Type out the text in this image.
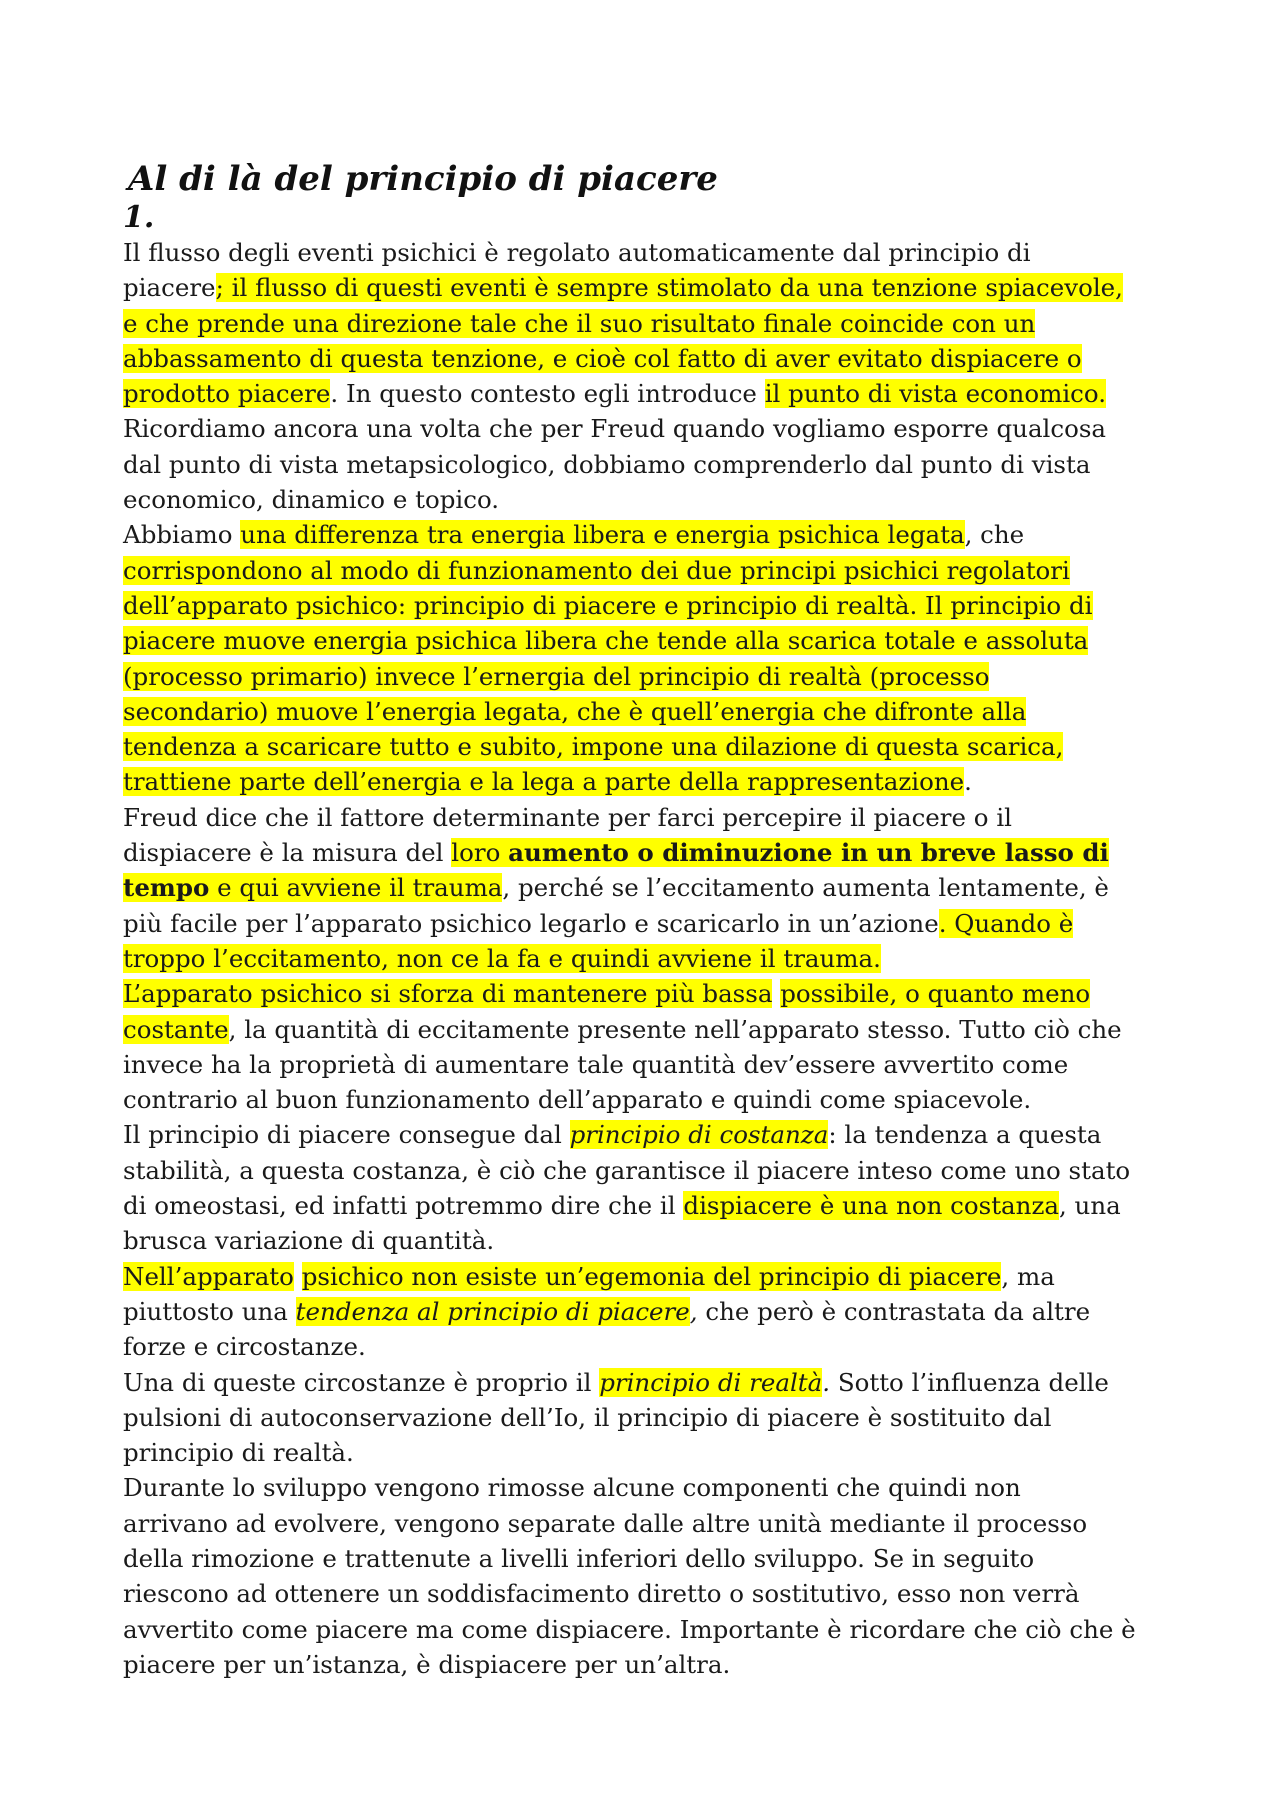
Al di là del principio di piacere
1.
Il flusso degli eventi psichici è regolato automaticamente dal principio di
piacere; il flusso di questi eventi è sempre stimolato da una tenzione spiacevole,
e che prende una direzione tale che il suo risultato finale coincide con un
abbassamento di questa tenzione, e cioè col fatto di aver evitato dispiacere o
prodotto piacere. In questo contesto egli introduce il punto di vista economico.
Ricordiamo ancora una volta che per Freud quando vogliamo esporre qualcosa
dal punto di vista metapsicologico, dobbiamo comprenderlo dal punto di vista
economico, dinamico e topico.
Abbiamo una differenza tra energia libera e energia psichica legata, che
corrispondono al modo di funzionamento dei due principi psichici regolatori
dell’apparato psichico: principio di piacere e principio di realtà. Il principio di
piacere muove energia psichica libera che tende alla scarica totale e assoluta
(processo primario) invece l’ernergia del principio di realtà (processo
secondario) muove l’energia legata, che è quell’energia che difronte alla
tendenza a scaricare tutto e subito, impone una dilazione di questa scarica,
trattiene parte dell’energia e la lega a parte della rappresentazione.
Freud dice che il fattore determinante per farci percepire il piacere o il
dispiacere è la misura del loro aumento o diminuzione in un breve lasso di
tempo e qui avviene il trauma, perché se l’eccitamento aumenta lentamente, è
più facile per l’apparato psichico legarlo e scaricarlo in un’azione. Quando è
troppo l’eccitamento, non ce la fa e quindi avviene il trauma.
L’apparato psichico si sforza di mantenere più bassa possibile, o quanto meno
costante, la quantità di eccitamente presente nell’apparato stesso. Tutto ciò che
invece ha la proprietà di aumentare tale quantità dev’essere avvertito come
contrario al buon funzionamento dell’apparato e quindi come spiacevole.
Il principio di piacere consegue dal principio di costanza: la tendenza a questa
stabilità, a questa costanza, è ciò che garantisce il piacere inteso come uno stato
di omeostasi, ed infatti potremmo dire che il dispiacere è una non costanza, una
brusca variazione di quantità.
Nell’apparato psichico non esiste un’egemonia del principio di piacere, ma
piuttosto una tendenza al principio di piacere, che però è contrastata da altre
forze e circostanze.
Una di queste circostanze è proprio il principio di realtà. Sotto l’influenza delle
pulsioni di autoconservazione dell’Io, il principio di piacere è sostituito dal
principio di realtà.
Durante lo sviluppo vengono rimosse alcune componenti che quindi non
arrivano ad evolvere, vengono separate dalle altre unità mediante il processo
della rimozione e trattenute a livelli inferiori dello sviluppo. Se in seguito
riescono ad ottenere un soddisfacimento diretto o sostitutivo, esso non verrà
avvertito come piacere ma come dispiacere. Importante è ricordare che ciò che è
piacere per un’istanza, è dispiacere per un’altra.
